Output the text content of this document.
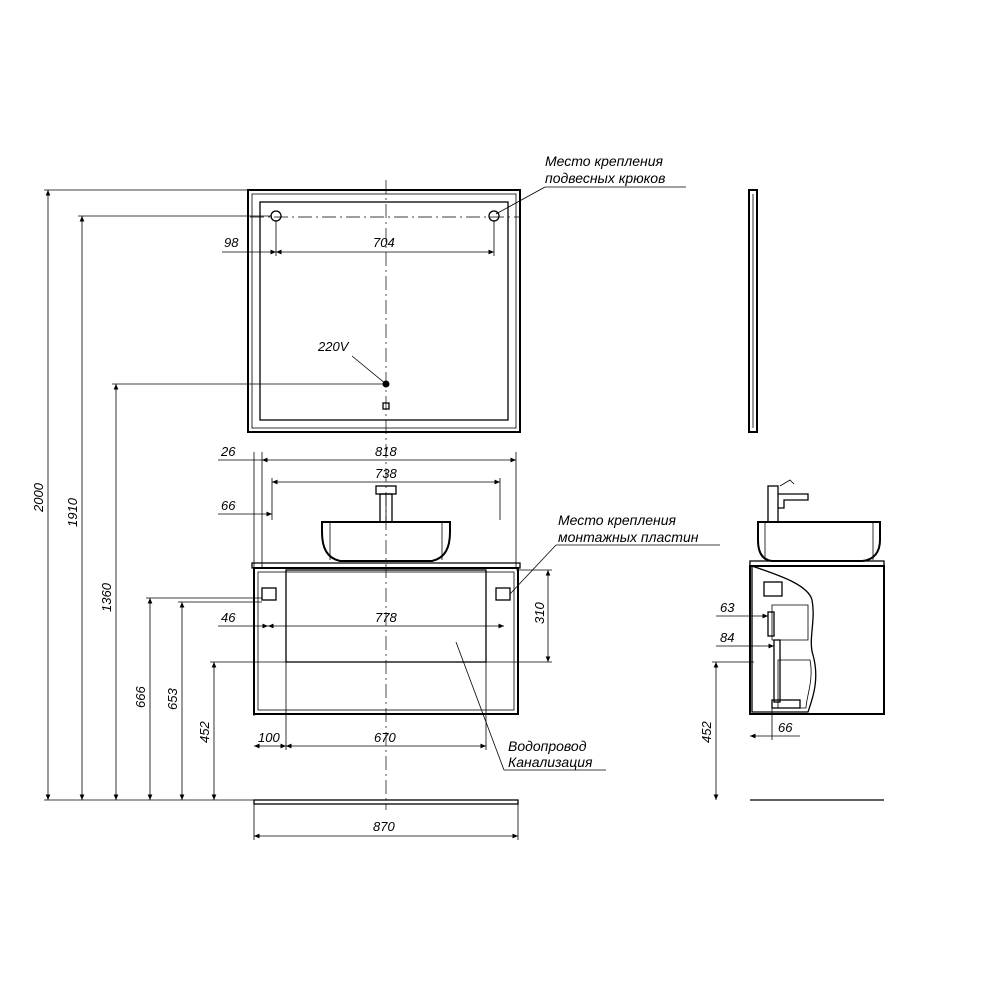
220V
2000
1910
1360
666 653
452
98	704
26	818
738
66
46	778	310
100	670
870
63
84
66
452
Место крепления
подвесных крюков
Место крепления
монтажных пластин
Водопровод
Канализация
